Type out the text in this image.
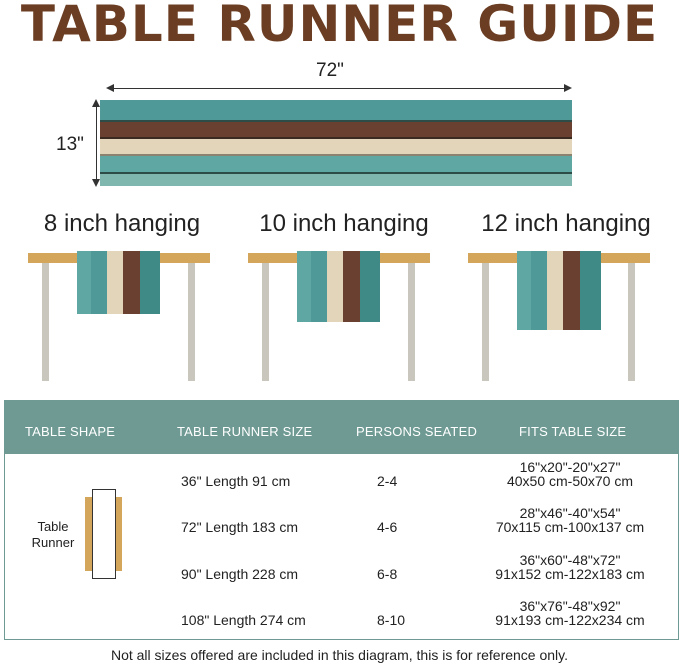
TABLE RUNNER GUIDE
72"
13"
8 inch hanging	10 inch hanging	12 inch hanging
TABLE SHAPE	TABLE RUNNER SIZE	PERSONS SEATED	FITS TABLE SIZE
Table Runner
36" Length 91 cm	2-4
16"x20"-20"x27"
40x50 cm-50x70 cm
72" Length 183 cm	4-6
28"x46"-40"x54"
70x115 cm-100x137 cm
90" Length 228 cm	6-8
36"x60"-48"x72"
91x152 cm-122x183 cm
108" Length 274 cm	8-10
36"x76"-48"x92"
91x193 cm-122x234 cm
Not all sizes offered are included in this diagram, this is for reference only.
